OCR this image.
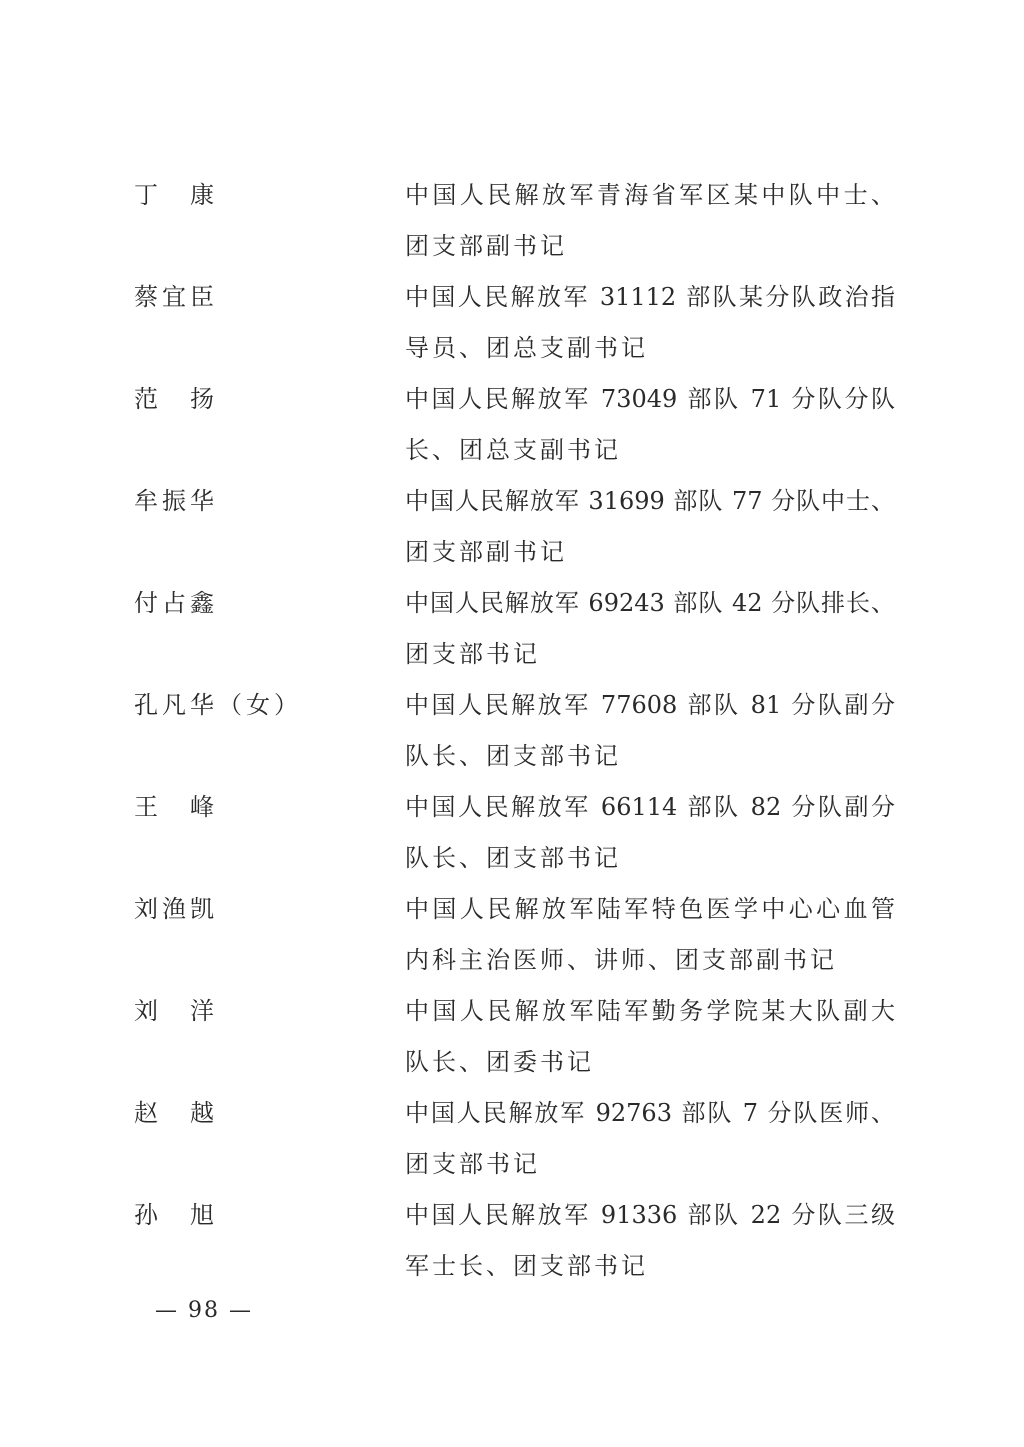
丁　康	中国人民解放军青海省军区某中队中士、
团支部副书记
蔡宜臣	中国人民解放军 31112 部队某分队政治指
导员、团总支副书记
范　扬	中国人民解放军 73049 部队 71 分队分队
长、团总支副书记
牟振华	中国人民解放军 31699 部队 77 分队中士、
团支部副书记
付占鑫	中国人民解放军 69243 部队 42 分队排长、
团支部书记
孔凡华（女）	中国人民解放军 77608 部队 81 分队副分
队长、团支部书记
王　峰	中国人民解放军 66114 部队 82 分队副分
队长、团支部书记
刘渔凯	中国人民解放军陆军特色医学中心心血管
内科主治医师、讲师、团支部副书记
刘　洋	中国人民解放军陆军勤务学院某大队副大
队长、团委书记
赵　越	中国人民解放军 92763 部队 7 分队医师、
团支部书记
孙　旭	中国人民解放军 91336 部队 22 分队三级
军士长、团支部书记
— 98 —
